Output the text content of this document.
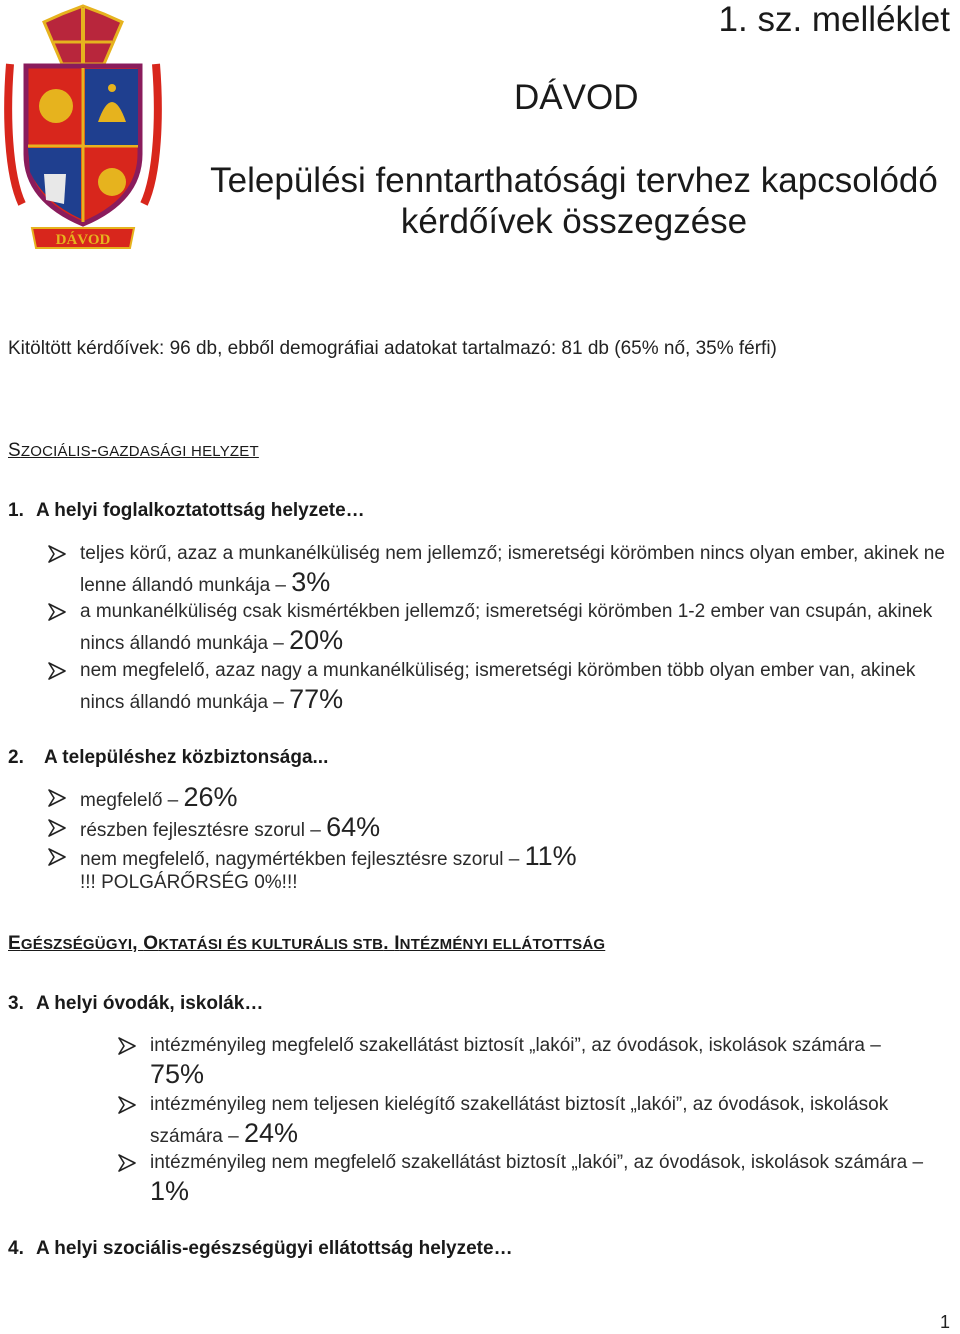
DÁVOD
1. sz. melléklet
DÁVOD
Települési fenntarthatósági tervhez kapcsolódó
kérdőívek összegzése
Kitöltött kérdőívek: 96 db, ebből demográfiai adatokat tartalmazó: 81 db (65% nő, 35% férfi)
SZOCIÁLIS-GAZDASÁGI HELYZET
1. A helyi foglalkoztatottság helyzete…
teljes körű, azaz a munkanélküliség nem jellemző; ismeretségi körömben nincs olyan ember, akinek ne lenne állandó munkája – 3%
a munkanélküliség csak kismértékben jellemző; ismeretségi körömben 1-2 ember van csupán, akinek nincs állandó munkája – 20%
nem megfelelő, azaz nagy a munkanélküliség; ismeretségi körömben több olyan ember van, akinek nincs állandó munkája – 77%
2. A településhez közbiztonsága...
megfelelő – 26%
részben fejlesztésre szorul – 64%
nem megfelelő, nagymértékben fejlesztésre szorul – 11%
!!! POLGÁRŐRSÉG 0%!!!
EGÉSZSÉGÜGYI, OKTATÁSI ÉS KULTURÁLIS STB. INTÉZMÉNYI ELLÁTOTTSÁG
3. A helyi óvodák, iskolák…
intézményileg megfelelő szakellátást biztosít „lakói”, az óvodások, iskolások számára – 75%
intézményileg nem teljesen kielégítő szakellátást biztosít „lakói”, az óvodások, iskolások számára – 24%
intézményileg nem megfelelő szakellátást biztosít „lakói”, az óvodások, iskolások számára – 1%
4. A helyi szociális-egészségügyi ellátottság helyzete…
1
